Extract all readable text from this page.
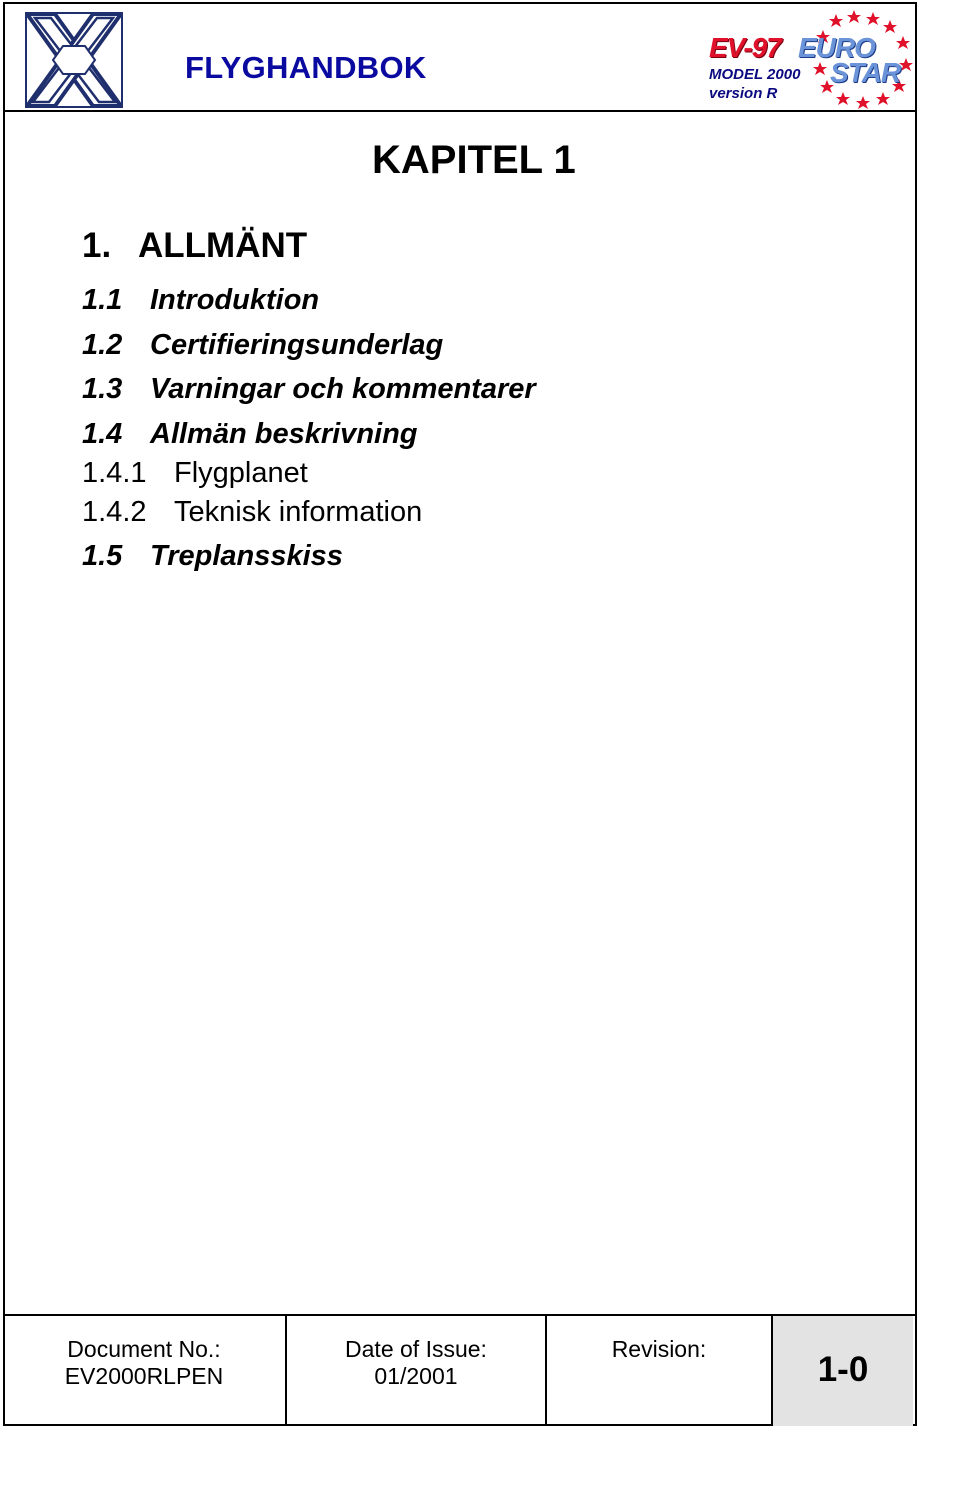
FLYGHANDBOK
EV-97 EURO
STAR
MODEL 2000
version R
KAPITEL 1
1. ALLMÄNT
1.1 Introduktion
1.2 Certifieringsunderlag
1.3 Varningar och kommentarer
1.4 Allmän beskrivning
1.4.1 Flygplanet
1.4.2 Teknisk information
1.5 Treplansskiss
Document No.:
EV2000RLPEN
Date of Issue:
01/2001
Revision:
1-0
